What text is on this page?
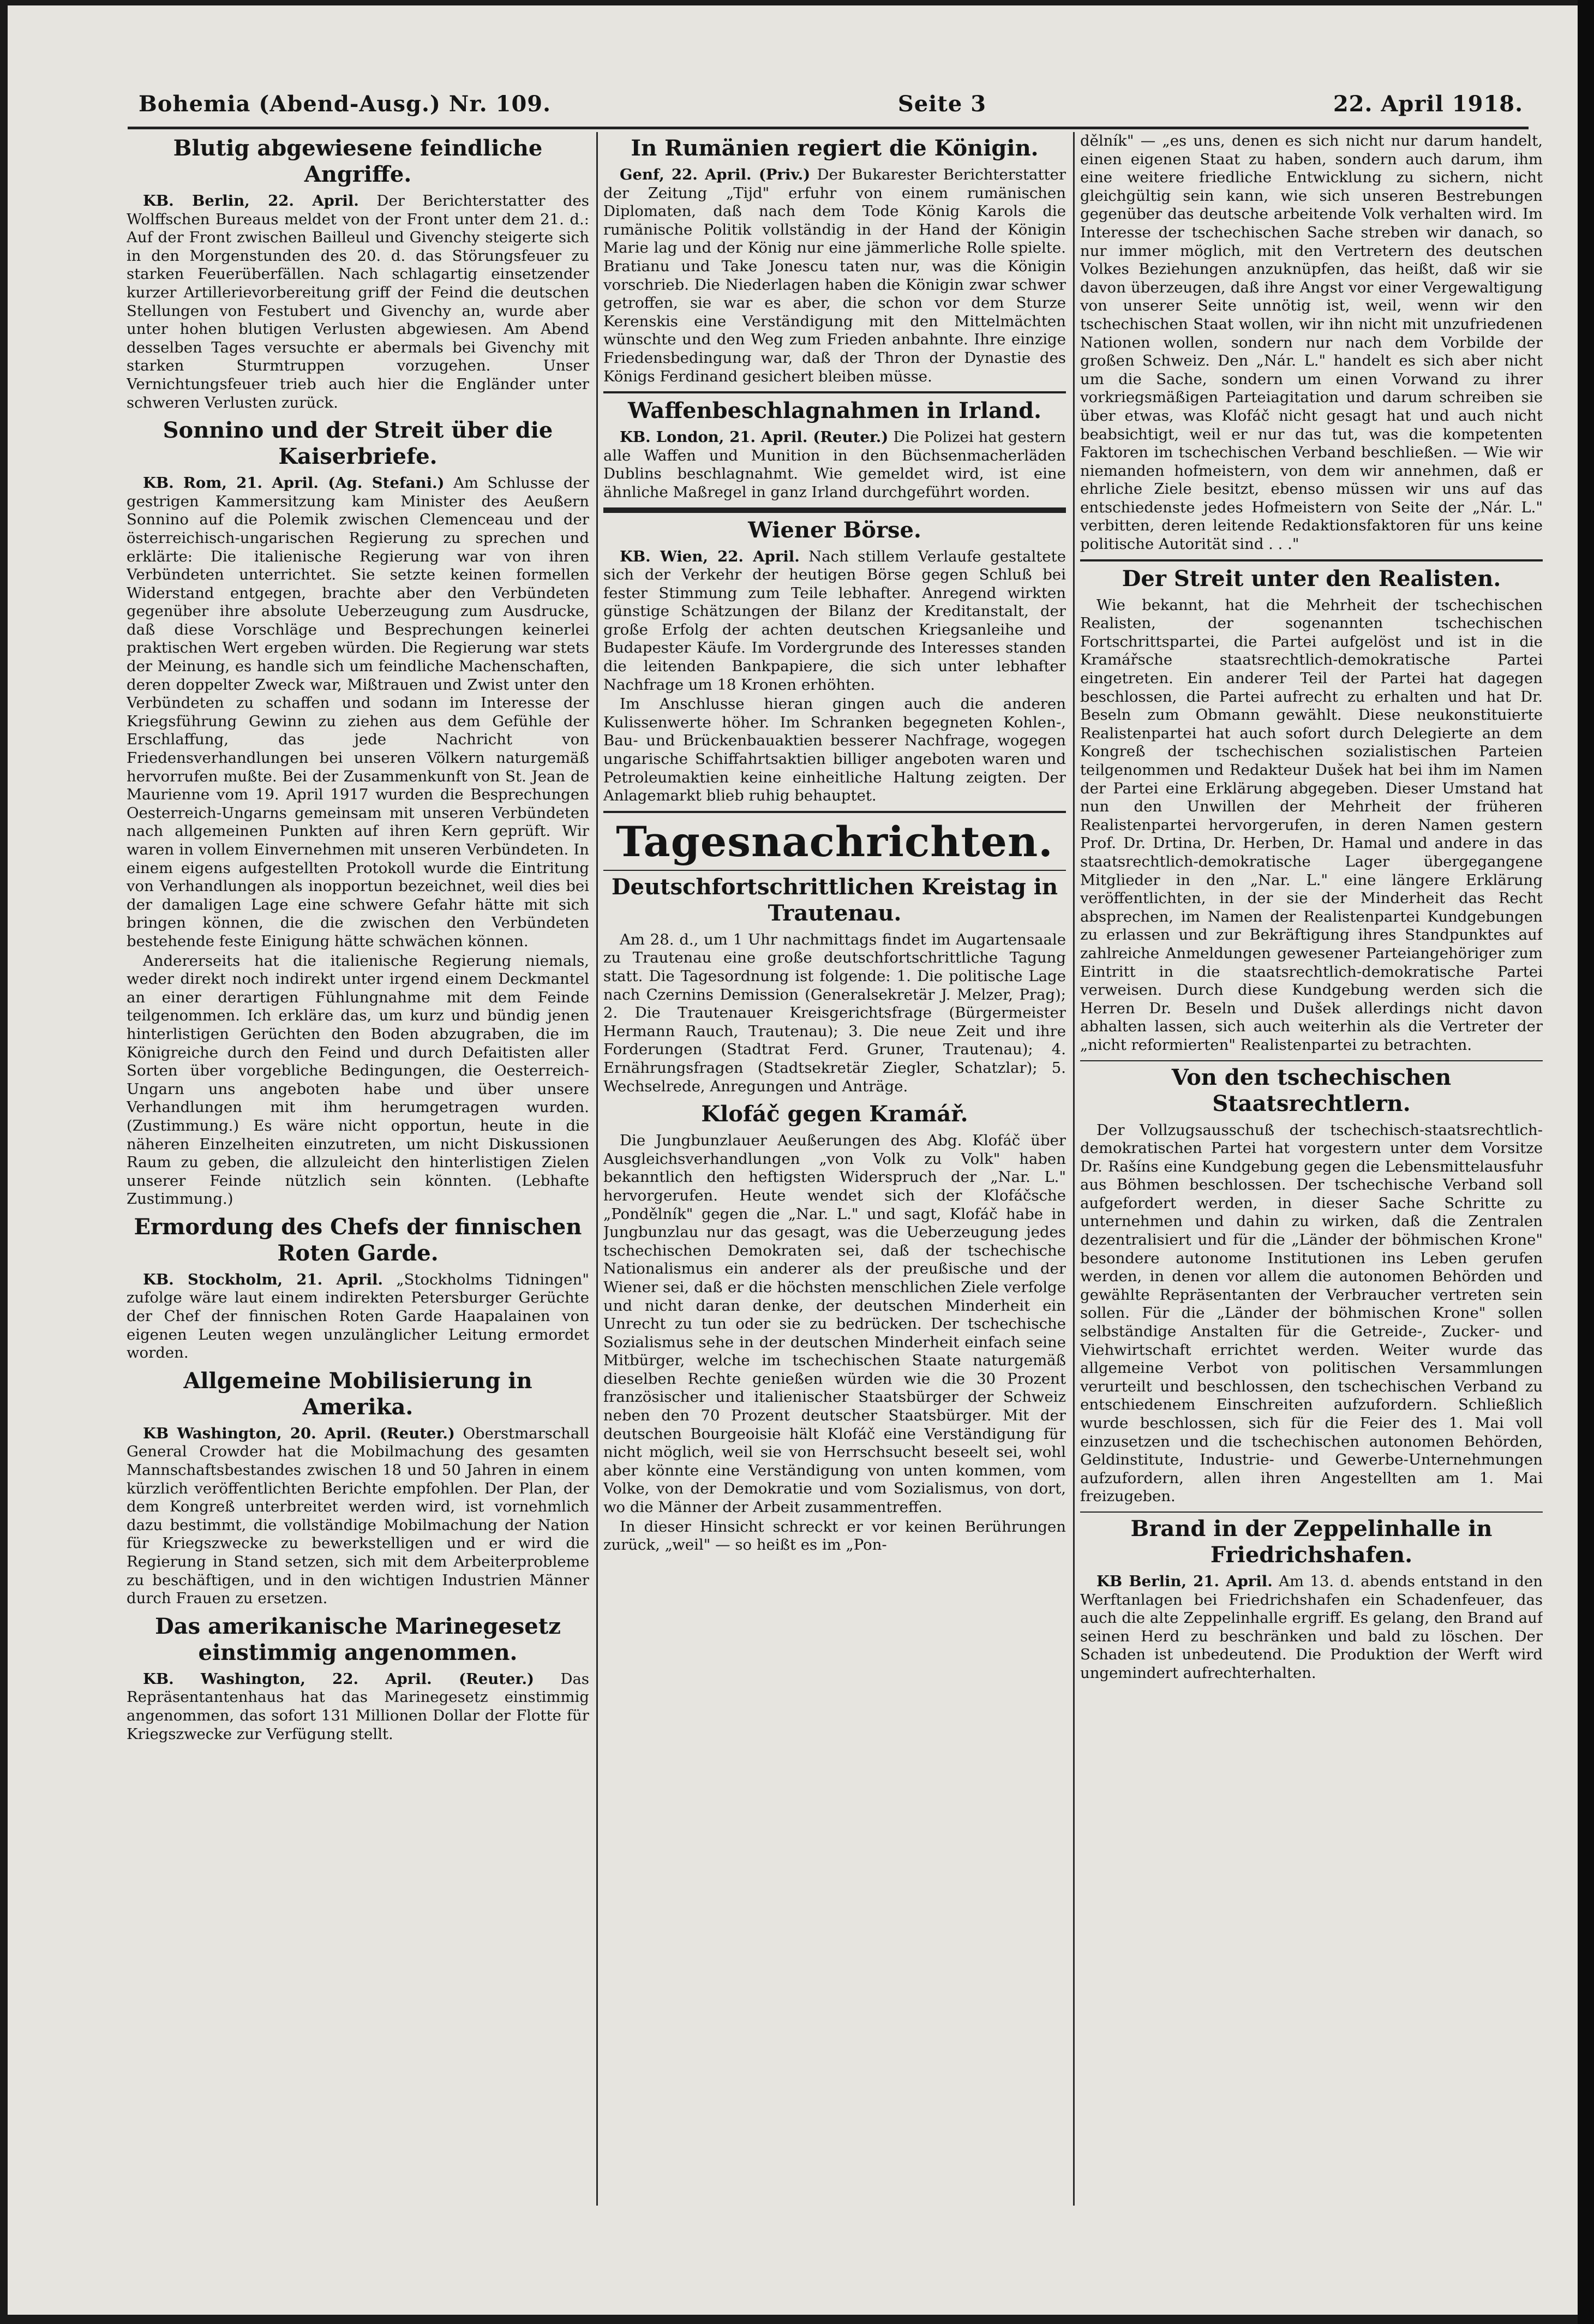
Bohemia (Abend-Ausg.) Nr. 109.	Seite 3	22. April 1918.
Blutig abgewiesene feindliche Angriffe.

KB. Berlin, 22. April. Der Berichterstatter des Wolffschen Bureaus meldet von der Front unter dem 21. d.: Auf der Front zwischen Bailleul und Givenchy steigerte sich in den Morgenstunden des 20. d. das Störungsfeuer zu starken Feuerüberfällen. Nach schlagartig einsetzender kurzer Artillerievorbereitung griff der Feind die deutschen Stellungen von Festubert und Givenchy an, wurde aber unter hohen blutigen Verlusten abgewiesen. Am Abend desselben Tages versuchte er abermals bei Givenchy mit starken Sturmtruppen vorzugehen. Unser Vernichtungsfeuer trieb auch hier die Engländer unter schweren Verlusten zurück.

Sonnino und der Streit über die Kaiserbriefe.

KB. Rom, 21. April. (Ag. Stefani.) Am Schlusse der gestrigen Kammersitzung kam Minister des Aeußern Sonnino auf die Polemik zwischen Clemenceau und der österreichisch-ungarischen Regierung zu sprechen und erklärte: Die italienische Regierung war von ihren Verbündeten unterrichtet. Sie setzte keinen formellen Widerstand entgegen, brachte aber den Verbündeten gegenüber ihre absolute Ueberzeugung zum Ausdrucke, daß diese Vorschläge und Besprechungen keinerlei praktischen Wert ergeben würden. Die Regierung war stets der Meinung, es handle sich um feindliche Machenschaften, deren doppelter Zweck war, Mißtrauen und Zwist unter den Verbündeten zu schaffen und sodann im Interesse der Kriegsführung Gewinn zu ziehen aus dem Gefühle der Erschlaffung, das jede Nachricht von Friedensverhandlungen bei unseren Völkern naturgemäß hervorrufen mußte. Bei der Zusammenkunft von St. Jean de Maurienne vom 19. April 1917 wurden die Besprechungen Oesterreich-Ungarns gemeinsam mit unseren Verbündeten nach allgemeinen Punkten auf ihren Kern geprüft. Wir waren in vollem Einvernehmen mit unseren Verbündeten. In einem eigens aufgestellten Protokoll wurde die Eintritung von Verhandlungen als inopportun bezeichnet, weil dies bei der damaligen Lage eine schwere Gefahr hätte mit sich bringen können, die die zwischen den Verbündeten bestehende feste Einigung hätte schwächen können.

Andererseits hat die italienische Regierung niemals, weder direkt noch indirekt unter irgend einem Deckmantel an einer derartigen Fühlungnahme mit dem Feinde teilgenommen. Ich erkläre das, um kurz und bündig jenen hinterlistigen Gerüchten den Boden abzugraben, die im Königreiche durch den Feind und durch Defaitisten aller Sorten über vorgebliche Bedingungen, die Oesterreich-Ungarn uns angeboten habe und über unsere Verhandlungen mit ihm herumgetragen wurden. (Zustimmung.) Es wäre nicht opportun, heute in die näheren Einzelheiten einzutreten, um nicht Diskussionen Raum zu geben, die allzuleicht den hinterlistigen Zielen unserer Feinde nützlich sein könnten. (Lebhafte Zustimmung.)

Ermordung des Chefs der finnischen Roten Garde.

KB. Stockholm, 21. April. „Stockholms Tidningen" zufolge wäre laut einem indirekten Petersburger Gerüchte der Chef der finnischen Roten Garde Haapalainen von eigenen Leuten wegen unzulänglicher Leitung ermordet worden.

Allgemeine Mobilisierung in Amerika.

KB Washington, 20. April. (Reuter.) Oberstmarschall General Crowder hat die Mobilmachung des gesamten Mannschaftsbestandes zwischen 18 und 50 Jahren in einem kürzlich veröffentlichten Berichte empfohlen. Der Plan, der dem Kongreß unterbreitet werden wird, ist vornehmlich dazu bestimmt, die vollständige Mobilmachung der Nation für Kriegszwecke zu bewerkstelligen und er wird die Regierung in Stand setzen, sich mit dem Arbeiterprobleme zu beschäftigen, und in den wichtigen Industrien Männer durch Frauen zu ersetzen.

Das amerikanische Marinegesetz einstimmig angenommen.

KB. Washington, 22. April. (Reuter.) Das Repräsentantenhaus hat das Marinegesetz einstimmig angenommen, das sofort 131 Millionen Dollar der Flotte für Kriegszwecke zur Verfügung stellt.

In Rumänien regiert die Königin.

Genf, 22. April. (Priv.) Der Bukarester Berichterstatter der Zeitung „Tijd" erfuhr von einem rumänischen Diplomaten, daß nach dem Tode König Karols die rumänische Politik vollständig in der Hand der Königin Marie lag und der König nur eine jämmerliche Rolle spielte. Bratianu und Take Jonescu taten nur, was die Königin vorschrieb. Die Niederlagen haben die Königin zwar schwer getroffen, sie war es aber, die schon vor dem Sturze Kerenskis eine Verständigung mit den Mittelmächten wünschte und den Weg zum Frieden anbahnte. Ihre einzige Friedensbedingung war, daß der Thron der Dynastie des Königs Ferdinand gesichert bleiben müsse.

Waffenbeschlagnahmen in Irland.

KB. London, 21. April. (Reuter.) Die Polizei hat gestern alle Waffen und Munition in den Büchsenmacherläden Dublins beschlagnahmt. Wie gemeldet wird, ist eine ähnliche Maßregel in ganz Irland durchgeführt worden.

Wiener Börse.

KB. Wien, 22. April. Nach stillem Verlaufe gestaltete sich der Verkehr der heutigen Börse gegen Schluß bei fester Stimmung zum Teile lebhafter. Anregend wirkten günstige Schätzungen der Bilanz der Kreditanstalt, der große Erfolg der achten deutschen Kriegsanleihe und Budapester Käufe. Im Vordergrunde des Interesses standen die leitenden Bankpapiere, die sich unter lebhafter Nachfrage um 18 Kronen erhöhten.

Im Anschlusse hieran gingen auch die anderen Kulissenwerte höher. Im Schranken begegneten Kohlen-, Bau- und Brückenbauaktien besserer Nachfrage, wogegen ungarische Schiffahrtsaktien billiger angeboten waren und Petroleumaktien keine einheitliche Haltung zeigten. Der Anlagemarkt blieb ruhig behauptet.

Tagesnachrichten.
Deutschfortschrittlichen Kreistag in Trautenau.

Am 28. d., um 1 Uhr nachmittags findet im Augartensaale zu Trautenau eine große deutschfortschrittliche Tagung statt. Die Tagesordnung ist folgende: 1. Die politische Lage nach Czernins Demission (Generalsekretär J. Melzer, Prag); 2. Die Trautenauer Kreisgerichtsfrage (Bürgermeister Hermann Rauch, Trautenau); 3. Die neue Zeit und ihre Forderungen (Stadtrat Ferd. Gruner, Trautenau); 4. Ernährungsfragen (Stadtsekretär Ziegler, Schatzlar); 5. Wechselrede, Anregungen und Anträge.

Klofáč gegen Kramář.

Die Jungbunzlauer Aeußerungen des Abg. Klofáč über Ausgleichsverhandlungen „von Volk zu Volk" haben bekanntlich den heftigsten Widerspruch der „Nar. L." hervorgerufen. Heute wendet sich der Klofáčsche „Pondělník" gegen die „Nar. L." und sagt, Klofáč habe in Jungbunzlau nur das gesagt, was die Ueberzeugung jedes tschechischen Demokraten sei, daß der tschechische Nationalismus ein anderer als der preußische und der Wiener sei, daß er die höchsten menschlichen Ziele verfolge und nicht daran denke, der deutschen Minderheit ein Unrecht zu tun oder sie zu bedrücken. Der tschechische Sozialismus sehe in der deutschen Minderheit einfach seine Mitbürger, welche im tschechischen Staate naturgemäß dieselben Rechte genießen würden wie die 30 Prozent französischer und italienischer Staatsbürger der Schweiz neben den 70 Prozent deutscher Staatsbürger. Mit der deutschen Bourgeoisie hält Klofáč eine Verständigung für nicht möglich, weil sie von Herrschsucht beseelt sei, wohl aber könnte eine Verständigung von unten kommen, vom Volke, von der Demokratie und vom Sozialismus, von dort, wo die Männer der Arbeit zusammentreffen.

In dieser Hinsicht schreckt er vor keinen Berührungen zurück, „weil" — so heißt es im „Pon-

dělník" — „es uns, denen es sich nicht nur darum handelt, einen eigenen Staat zu haben, sondern auch darum, ihm eine weitere friedliche Entwicklung zu sichern, nicht gleichgültig sein kann, wie sich unseren Bestrebungen gegenüber das deutsche arbeitende Volk verhalten wird. Im Interesse der tschechischen Sache streben wir danach, so nur immer möglich, mit den Vertretern des deutschen Volkes Beziehungen anzuknüpfen, das heißt, daß wir sie davon überzeugen, daß ihre Angst vor einer Vergewaltigung von unserer Seite unnötig ist, weil, wenn wir den tschechischen Staat wollen, wir ihn nicht mit unzufriedenen Nationen wollen, sondern nur nach dem Vorbilde der großen Schweiz. Den „Nár. L." handelt es sich aber nicht um die Sache, sondern um einen Vorwand zu ihrer vorkriegsmäßigen Parteiagitation und darum schreiben sie über etwas, was Klofáč nicht gesagt hat und auch nicht beabsichtigt, weil er nur das tut, was die kompetenten Faktoren im tschechischen Verband beschließen. — Wie wir niemanden hofmeistern, von dem wir annehmen, daß er ehrliche Ziele besitzt, ebenso müssen wir uns auf das entschiedenste jedes Hofmeistern von Seite der „Nár. L." verbitten, deren leitende Redaktionsfaktoren für uns keine politische Autorität sind . . ."

Der Streit unter den Realisten.

Wie bekannt, hat die Mehrheit der tschechischen Realisten, der sogenannten tschechischen Fortschrittspartei, die Partei aufgelöst und ist in die Kramářsche staatsrechtlich-demokratische Partei eingetreten. Ein anderer Teil der Partei hat dagegen beschlossen, die Partei aufrecht zu erhalten und hat Dr. Beseln zum Obmann gewählt. Diese neukonstituierte Realistenpartei hat auch sofort durch Delegierte an dem Kongreß der tschechischen sozialistischen Parteien teilgenommen und Redakteur Dušek hat bei ihm im Namen der Partei eine Erklärung abgegeben. Dieser Umstand hat nun den Unwillen der Mehrheit der früheren Realistenpartei hervorgerufen, in deren Namen gestern Prof. Dr. Drtina, Dr. Herben, Dr. Hamal und andere in das staatsrechtlich-demokratische Lager übergegangene Mitglieder in den „Nar. L." eine längere Erklärung veröffentlichten, in der sie der Minderheit das Recht absprechen, im Namen der Realistenpartei Kundgebungen zu erlassen und zur Bekräftigung ihres Standpunktes auf zahlreiche Anmeldungen gewesener Parteiangehöriger zum Eintritt in die staatsrechtlich-demokratische Partei verweisen. Durch diese Kundgebung werden sich die Herren Dr. Beseln und Dušek allerdings nicht davon abhalten lassen, sich auch weiterhin als die Vertreter der „nicht reformierten" Realistenpartei zu betrachten.

Von den tschechischen Staatsrechtlern.

Der Vollzugsausschuß der tschechisch-staatsrechtlich-demokratischen Partei hat vorgestern unter dem Vorsitze Dr. Rašíns eine Kundgebung gegen die Lebensmittelausfuhr aus Böhmen beschlossen. Der tschechische Verband soll aufgefordert werden, in dieser Sache Schritte zu unternehmen und dahin zu wirken, daß die Zentralen dezentralisiert und für die „Länder der böhmischen Krone" besondere autonome Institutionen ins Leben gerufen werden, in denen vor allem die autonomen Behörden und gewählte Repräsentanten der Verbraucher vertreten sein sollen. Für die „Länder der böhmischen Krone" sollen selbständige Anstalten für die Getreide-, Zucker- und Viehwirtschaft errichtet werden. Weiter wurde das allgemeine Verbot von politischen Versammlungen verurteilt und beschlossen, den tschechischen Verband zu entschiedenem Einschreiten aufzufordern. Schließlich wurde beschlossen, sich für die Feier des 1. Mai voll einzusetzen und die tschechischen autonomen Behörden, Geldinstitute, Industrie- und Gewerbe-Unternehmungen aufzufordern, allen ihren Angestellten am 1. Mai freizugeben.

Brand in der Zeppelinhalle in Friedrichshafen.

KB Berlin, 21. April. Am 13. d. abends entstand in den Werftanlagen bei Friedrichshafen ein Schadenfeuer, das auch die alte Zeppelinhalle ergriff. Es gelang, den Brand auf seinen Herd zu beschränken und bald zu löschen. Der Schaden ist unbedeutend. Die Produktion der Werft wird ungemindert aufrechterhalten.
